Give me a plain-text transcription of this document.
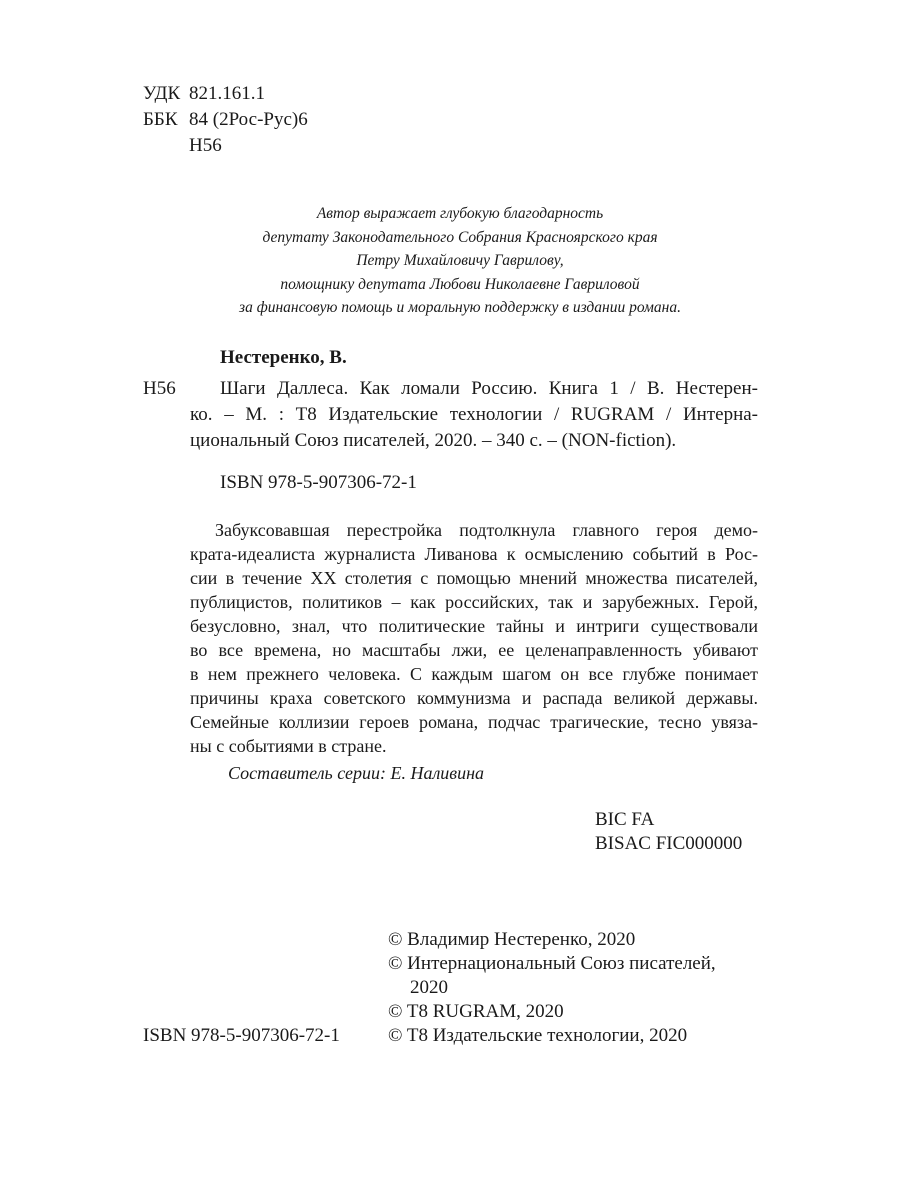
УДК 821.161.1
ББК 84 (2Рос-Рус)6
Н56
Автор выражает глубокую благодарность
депутату Законодательного Собрания Красноярского края
Петру Михайловичу Гаврилову,
помощнику депутата Любови Николаевне Гавриловой
за финансовую помощь и моральную поддержку в издании романа.
Нестеренко, В.
Н56 Шаги Даллеса. Как ломали Россию. Книга 1 / В. Нестерен-
ко. – М. : T8 Издательские технологии / RUGRAM / Интерна-
циональный Союз писателей, 2020. – 340 с. – (NON-fiction).
ISBN 978-5-907306-72-1
Забуксовавшая перестройка подтолкнула главного героя демо-
крата-идеалиста журналиста Ливанова к осмыслению событий в Рос-
сии в течение XX столетия с помощью мнений множества писателей,
публицистов, политиков – как российских, так и зарубежных. Герой,
безусловно, знал, что политические тайны и интриги существовали
во все времена, но масштабы лжи, ее целенаправленность убивают
в нем прежнего человека. С каждым шагом он все глубже понимает
причины краха советского коммунизма и распада великой державы.
Семейные коллизии героев романа, подчас трагические, тесно увяза-
ны с событиями в стране.
Составитель серии: Е. Наливина
BIC FA
BISAC FIC000000
© Владимир Нестеренко, 2020
© Интернациональный Союз писателей,
2020
© T8 RUGRAM, 2020
© T8 Издательские технологии, 2020
ISBN 978-5-907306-72-1
